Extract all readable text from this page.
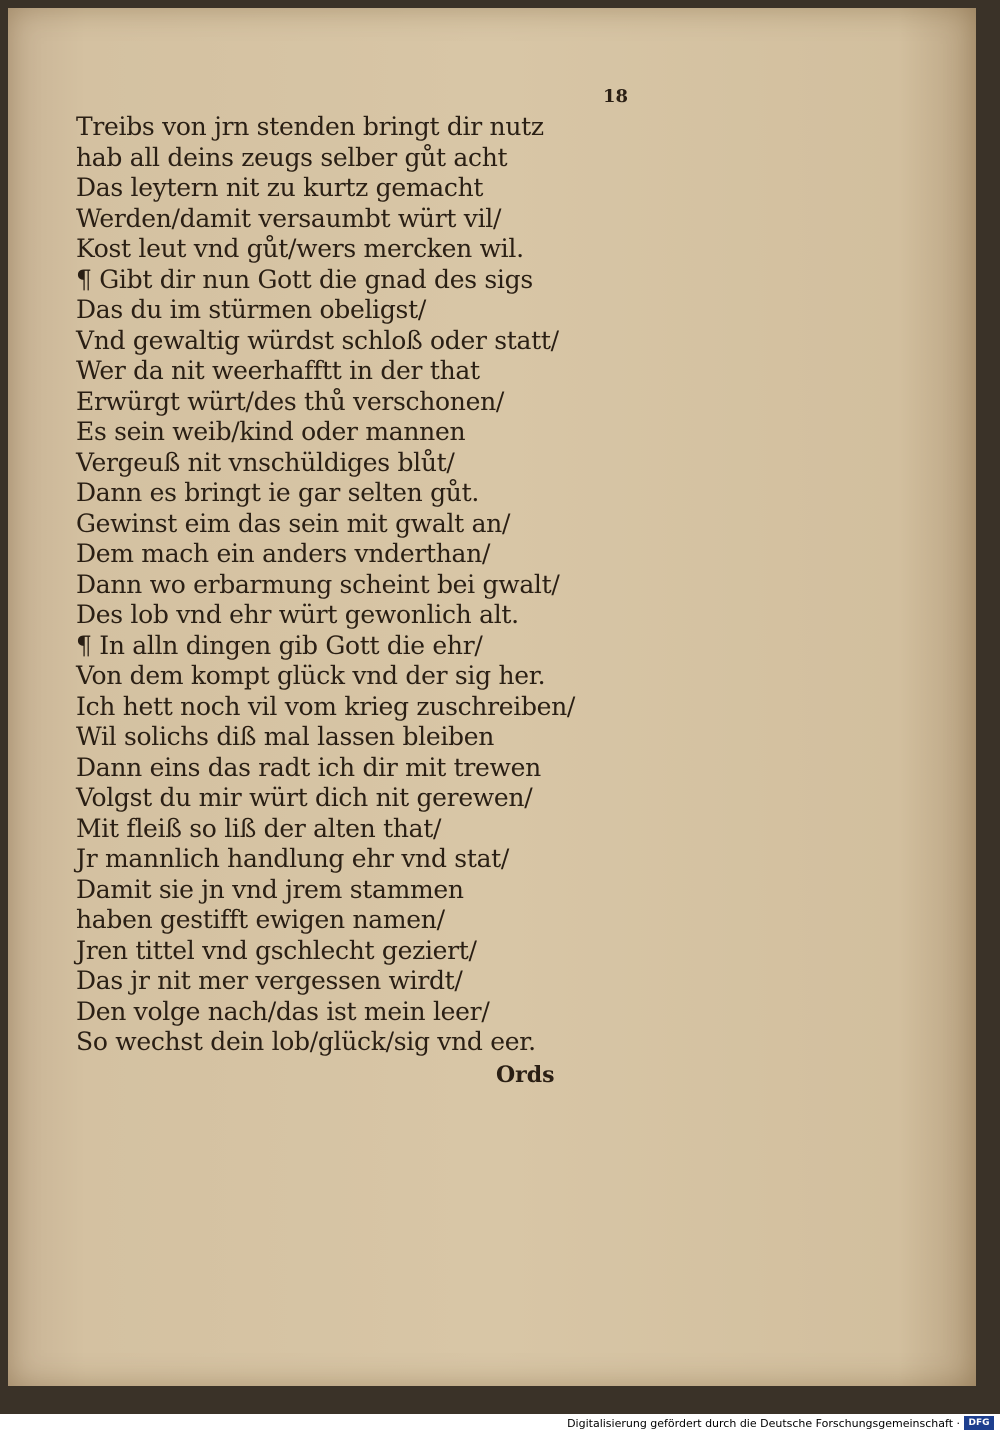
18
Treibs von jrn stenden bringt dir nutz
hab all deins zeugs selber gůt acht
Das leytern nit zu kurtz gemacht
Werden/damit versaumbt würt vil/
Kost leut vnd gůt/wers mercken wil.
¶ Gibt dir nun Gott die gnad des sigs
Das du im stürmen obeligst/
Vnd gewaltig würdst schloß oder statt/
Wer da nit weerhafftt in der that
Erwürgt würt/des thů verschonen/
Es sein weib/kind oder mannen
Vergeuß nit vnschüldiges blůt/
Dann es bringt ie gar selten gůt.
Gewinst eim das sein mit gwalt an/
Dem mach ein anders vnderthan/
Dann wo erbarmung scheint bei gwalt/
Des lob vnd ehr würt gewonlich alt.
¶ In alln dingen gib Gott die ehr/
Von dem kompt glück vnd der sig her.
Ich hett noch vil vom krieg zuschreiben/
Wil solichs diß mal lassen bleiben
Dann eins das radt ich dir mit trewen
Volgst du mir würt dich nit gerewen/
Mit fleiß so liß der alten that/
Jr mannlich handlung ehr vnd stat/
Damit sie jn vnd jrem stammen
haben gestifft ewigen namen/
Jren tittel vnd gschlecht geziert/
Das jr nit mer vergessen wirdt/
Den volge nach/das ist mein leer/
So wechst dein lob/glück/sig vnd eer.
Ords
Digitalisierung gefördert durch die Deutsche Forschungsgemeinschaft · DFG
